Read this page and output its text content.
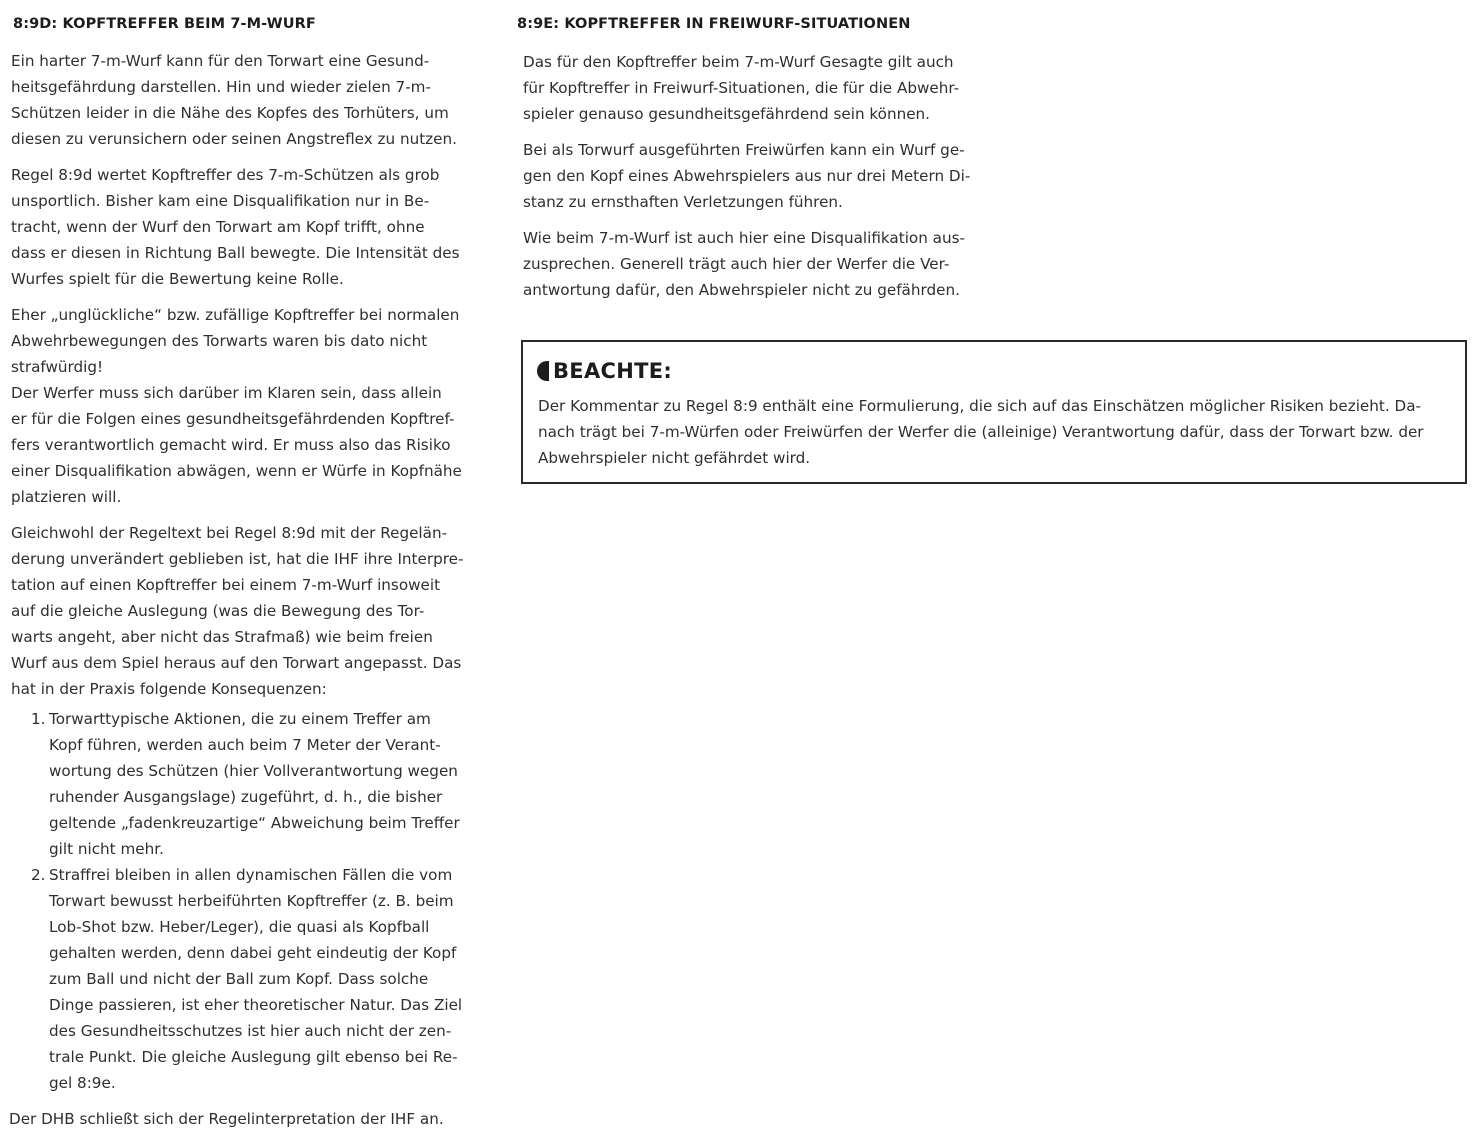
8:9D: KOPFTREFFER BEIM 7-M-WURF

Ein harter 7-m-Wurf kann für den Torwart eine Gesund-
heitsgefährdung darstellen. Hin und wieder zielen 7-m-
Schützen leider in die Nähe des Kopfes des Torhüters, um
diesen zu verunsichern oder seinen Angstreflex zu nutzen.

Regel 8:9d wertet Kopftreffer des 7-m-Schützen als grob
unsportlich. Bisher kam eine Disqualifikation nur in Be-
tracht, wenn der Wurf den Torwart am Kopf trifft, ohne
dass er diesen in Richtung Ball bewegte. Die Intensität des
Wurfes spielt für die Bewertung keine Rolle.

Eher „unglückliche“ bzw. zufällige Kopftreffer bei normalen
Abwehrbewegungen des Torwarts waren bis dato nicht
strafwürdig!
Der Werfer muss sich darüber im Klaren sein, dass allein
er für die Folgen eines gesundheitsgefährdenden Kopftref-
fers verantwortlich gemacht wird. Er muss also das Risiko
einer Disqualifikation abwägen, wenn er Würfe in Kopfnähe
platzieren will.

Gleichwohl der Regeltext bei Regel 8:9d mit der Regelän-
derung unverändert geblieben ist, hat die IHF ihre Interpre-
tation auf einen Kopftreffer bei einem 7-m-Wurf insoweit
auf die gleiche Auslegung (was die Bewegung des Tor-
warts angeht, aber nicht das Strafmaß) wie beim freien
Wurf aus dem Spiel heraus auf den Torwart angepasst. Das
hat in der Praxis folgende Konsequenzen:

1. Torwarttypische Aktionen, die zu einem Treffer am
Kopf führen, werden auch beim 7 Meter der Verant-
wortung des Schützen (hier Vollverantwortung wegen
ruhender Ausgangslage) zugeführt, d. h., die bisher
geltende „fadenkreuzartige“ Abweichung beim Treffer
gilt nicht mehr.
2. Straffrei bleiben in allen dynamischen Fällen die vom
Torwart bewusst herbeiführten Kopftreffer (z. B. beim
Lob-Shot bzw. Heber/Leger), die quasi als Kopfball
gehalten werden, denn dabei geht eindeutig der Kopf
zum Ball und nicht der Ball zum Kopf. Dass solche
Dinge passieren, ist eher theoretischer Natur. Das Ziel
des Gesundheitsschutzes ist hier auch nicht der zen-
trale Punkt. Die gleiche Auslegung gilt ebenso bei Re-
gel 8:9e.

Der DHB schließt sich der Regelinterpretation der IHF an.

8:9E: KOPFTREFFER IN FREIWURF-SITUATIONEN

Das für den Kopftreffer beim 7-m-Wurf Gesagte gilt auch
für Kopftreffer in Freiwurf-Situationen, die für die Abwehr-
spieler genauso gesundheitsgefährdend sein können.

Bei als Torwurf ausgeführten Freiwürfen kann ein Wurf ge-
gen den Kopf eines Abwehrspielers aus nur drei Metern Di-
stanz zu ernsthaften Verletzungen führen.

Wie beim 7-m-Wurf ist auch hier eine Disqualifikation aus-
zusprechen. Generell trägt auch hier der Werfer die Ver-
antwortung dafür, den Abwehrspieler nicht zu gefährden.

BEACHTE:
Der Kommentar zu Regel 8:9 enthält eine Formulierung, die sich auf das Einschätzen möglicher Risiken bezieht. Da-
nach trägt bei 7-m-Würfen oder Freiwürfen der Werfer die (alleinige) Verantwortung dafür, dass der Torwart bzw. der
Abwehrspieler nicht gefährdet wird.
